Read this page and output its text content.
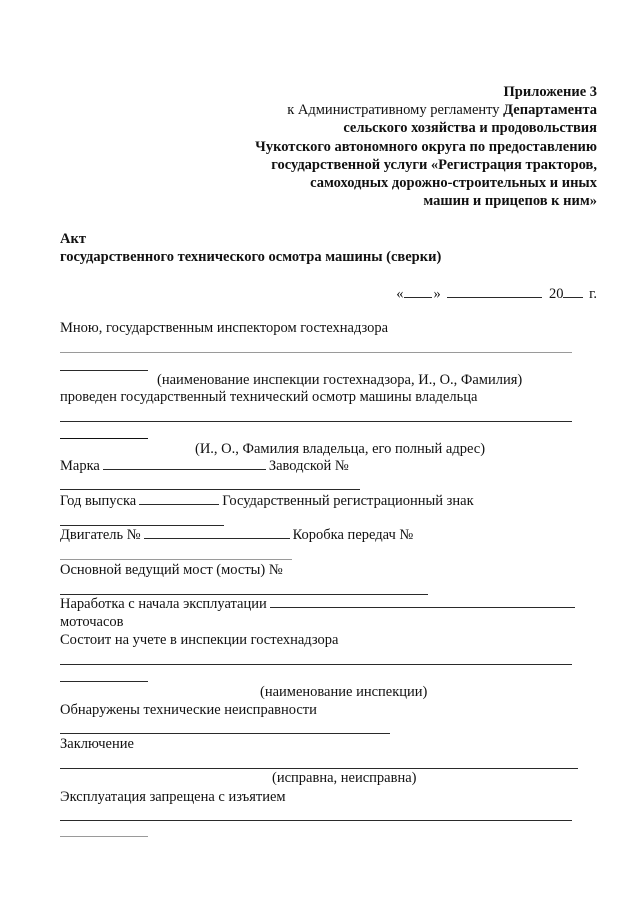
Приложение 3
к Административному регламенту Департамента
сельского хозяйства и продовольствия
Чукотского автономного округа по предоставлению
государственной услуги «Регистрация тракторов,
самоходных дорожно-строительных и иных
машин и прицепов к ним»
Акт
государственного технического осмотра машины (сверки)
« »	20 г.
Мною, государственным инспектором гостехнадзора
(наименование инспекции гостехнадзора, И., О., Фамилия)
проведен государственный технический осмотр машины владельца
(И., О., Фамилия владельца, его полный адрес)
Марка	Заводской №
Год выпуска	Государственный регистрационный знак
Двигатель №	Коробка передач №
Основной ведущий мост (мосты) №
Наработка с начала эксплуатации
моточасов
Состоит на учете в инспекции гостехнадзора
(наименование инспекции)
Обнаружены технические неисправности
Заключение
(исправна, неисправна)
Эксплуатация запрещена с изъятием
